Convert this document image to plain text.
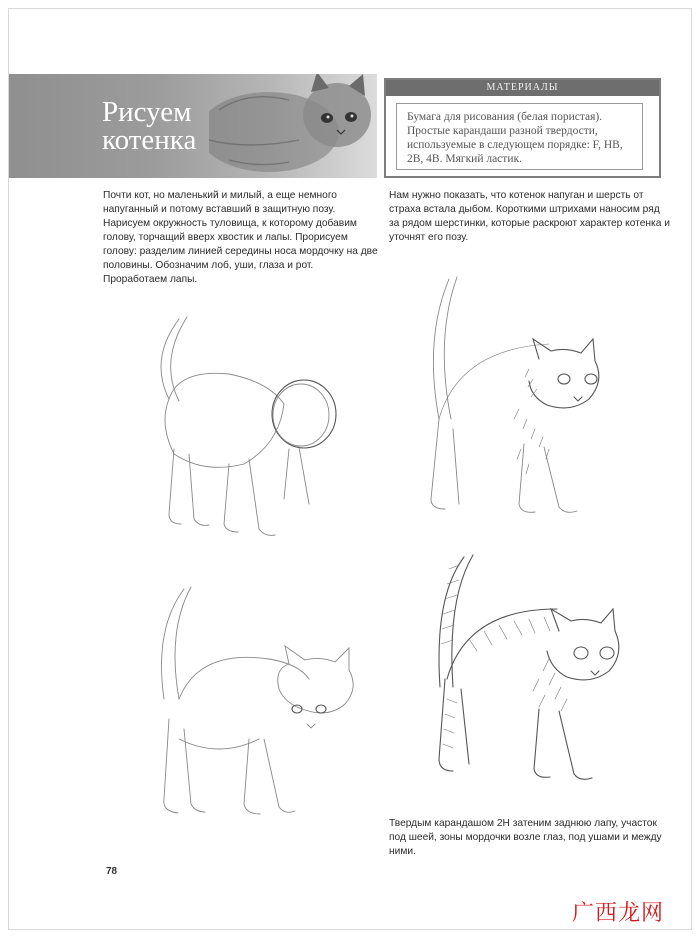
Рисуем
котенка
МАТЕРИАЛЫ
Бумага для рисования (белая пористая). Простые карандаши разной твердости, используемые в следующем порядке: F, HB, 2B, 4B. Мягкий ластик.

Почти кот, но маленький и милый, а еще немного напуганный и потому вставший в защитную позу. Нарисуем окружность туловища, к которому добавим голову, торчащий вверх хвостик и лапы. Прорисуем голову: разделим линией середины носа мордочку на две половины. Обозначим лоб, уши, глаза и рот. Проработаем лапы.

Нам нужно показать, что котенок напуган и шерсть от страха встала дыбом. Короткими штрихами наносим ряд за рядом шерстинки, которые раскроют характер котенка и уточнят его позу.

Твердым карандашом 2H затеним заднюю лапу, участок под шеей, зоны мордочки возле глаз, под ушами и между ними.

78
广西龙网
